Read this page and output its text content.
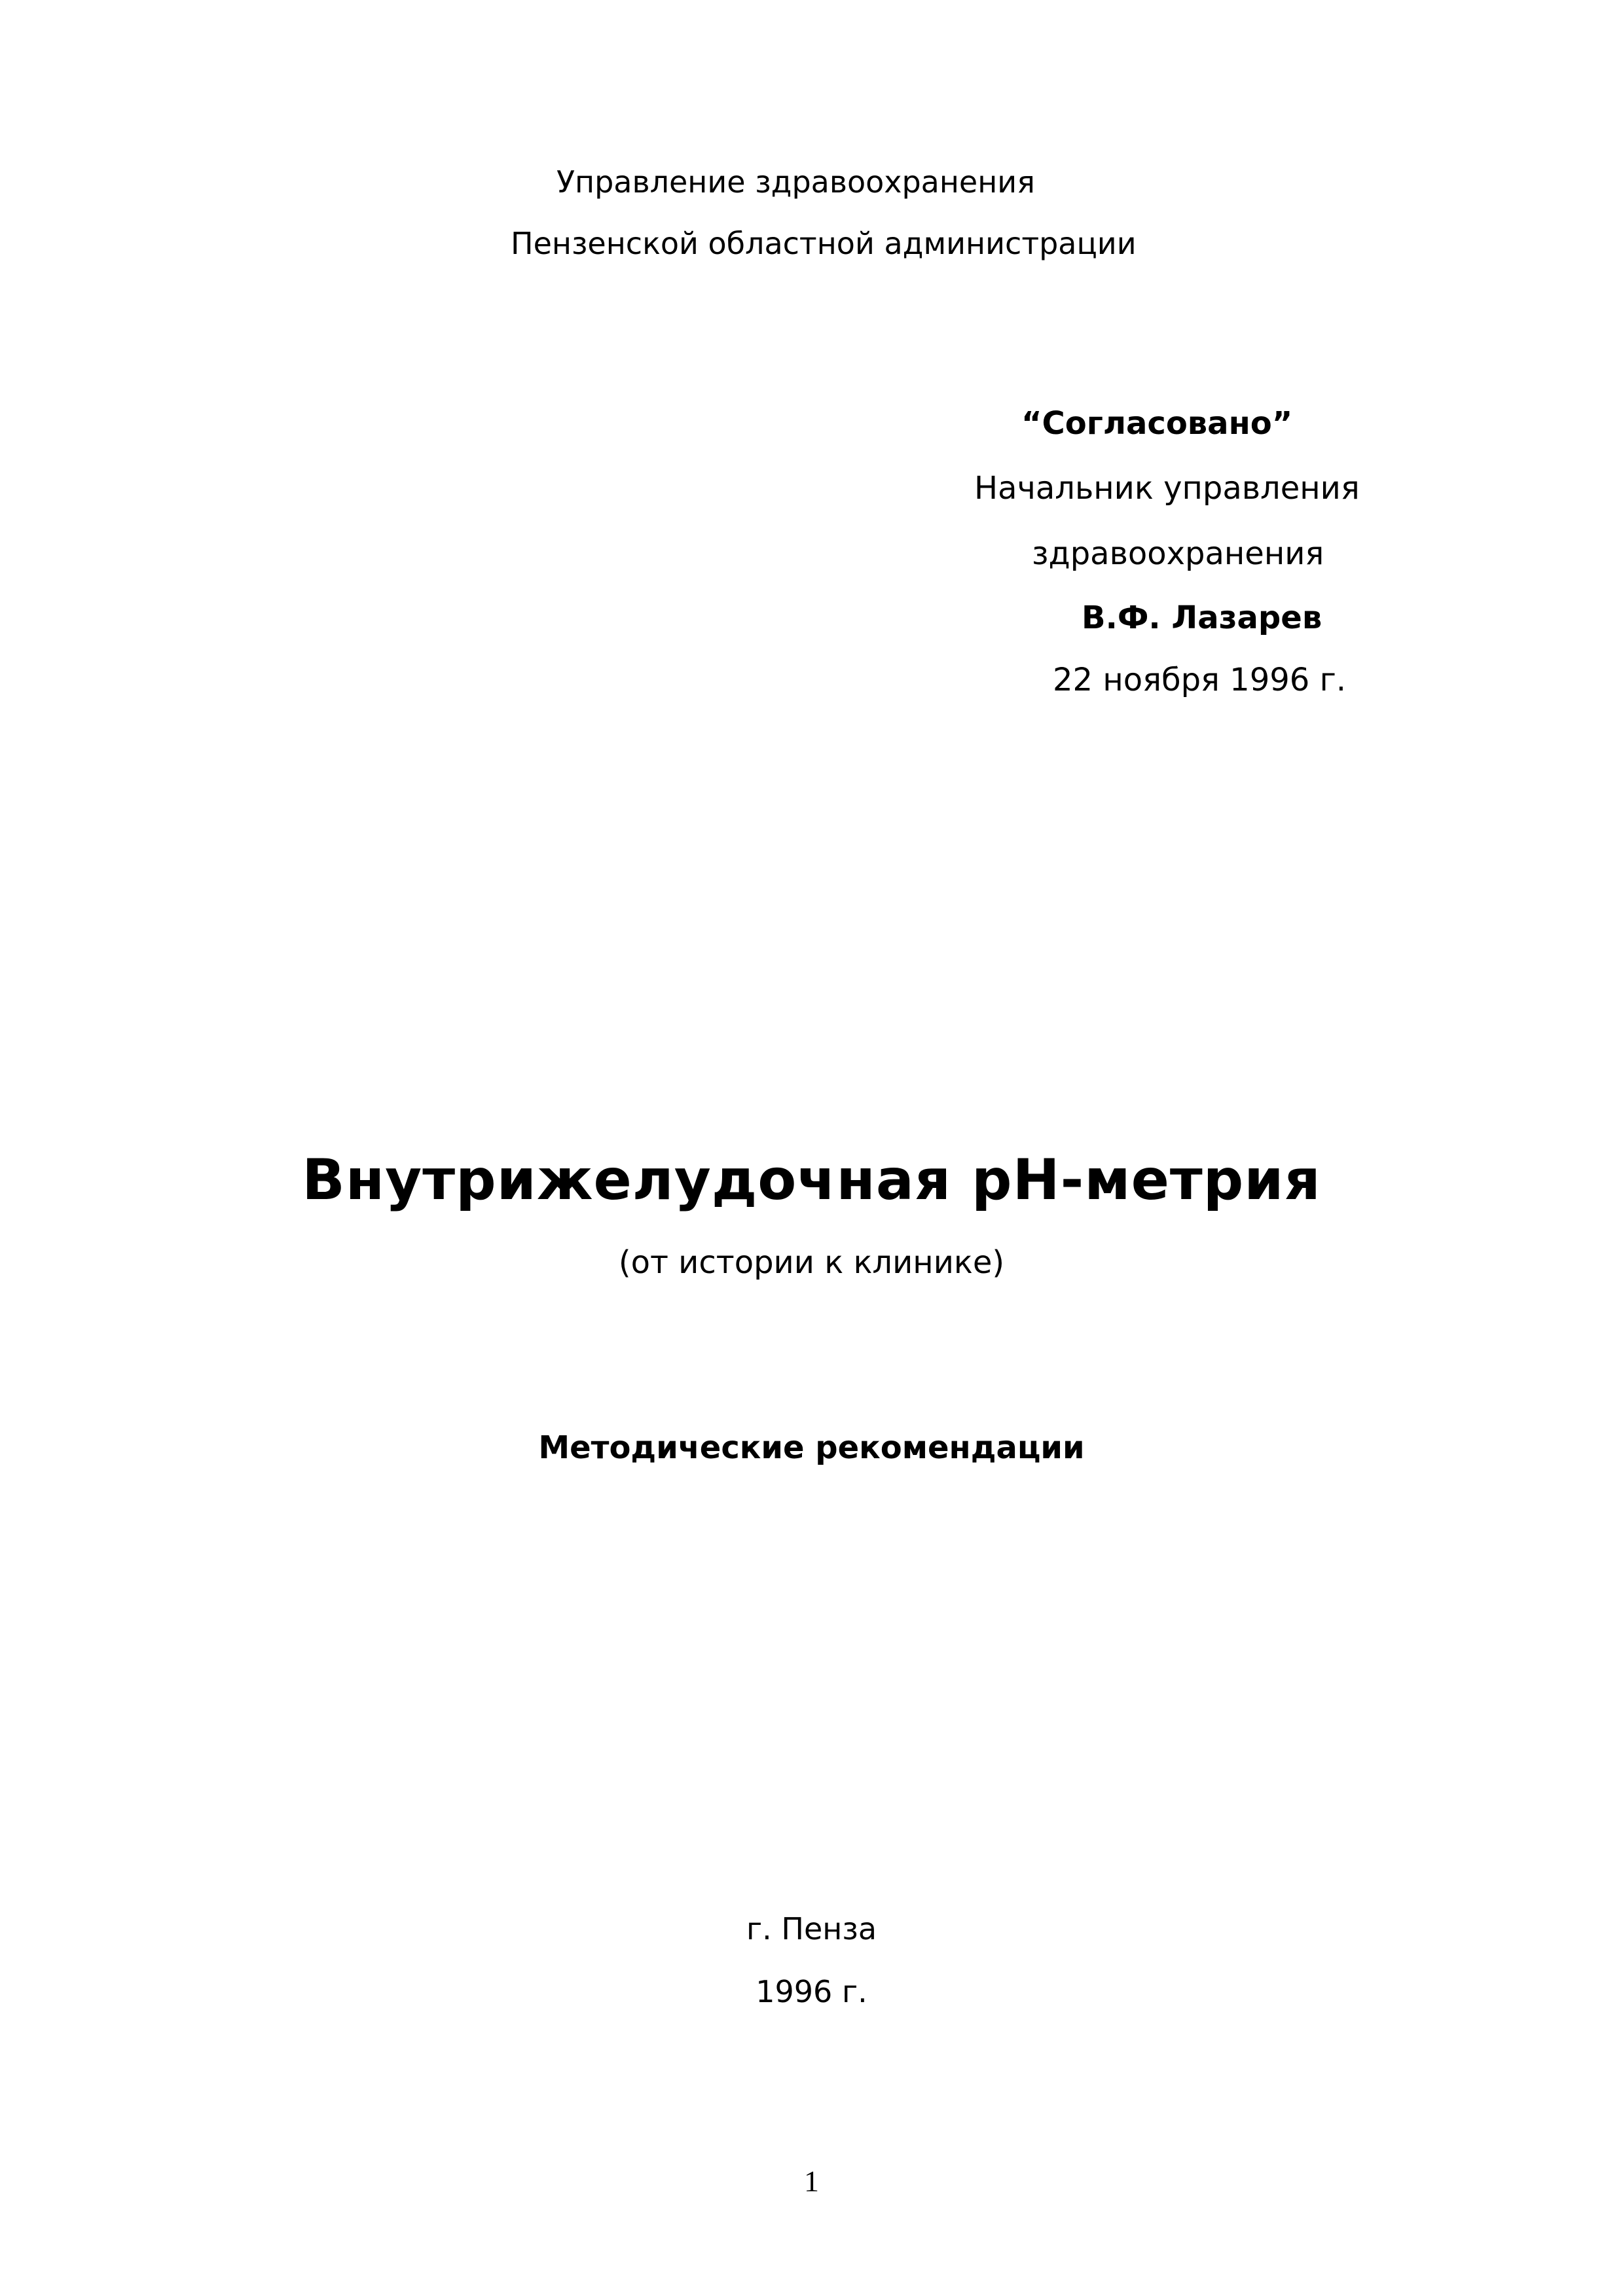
Управление здравоохранения

Пензенской областной администрации

“Согласовано”

Начальник управления

здравоохранения

В.Ф. Лазарев

22 ноября 1996 г.

Внутрижелудочная pH-метрия

(от истории к клинике)

Методические рекомендации

г. Пенза

1996 г.

1
